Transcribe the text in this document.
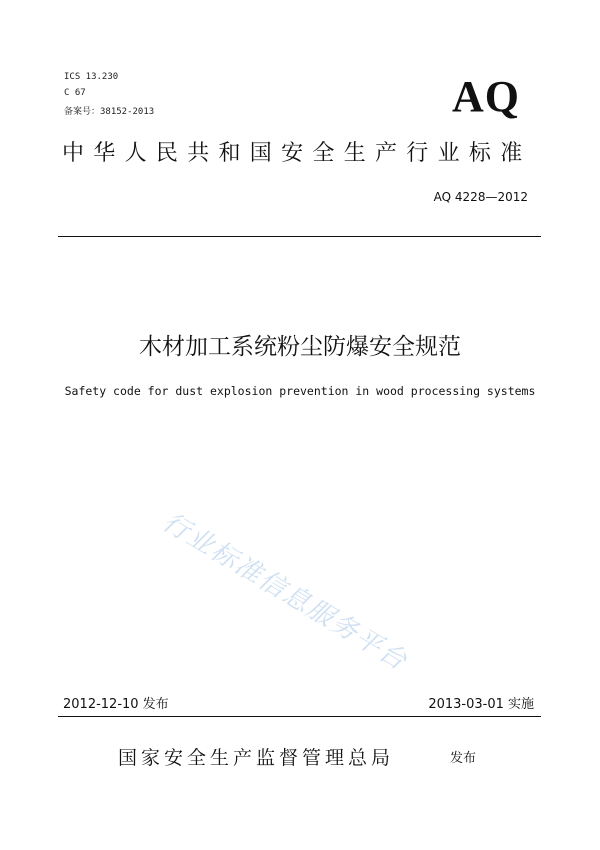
ICS 13.230
C 67
备案号：38152-2013	AQ
中华人民共和国安全生产行业标准
AQ 4228—2012
木材加工系统粉尘防爆安全规范
Safety code for dust explosion prevention in wood processing systems
行业标准信息服务平台
2012-12-10 发布	2013-03-01 实施
国家安全生产监督管理总局	发布
